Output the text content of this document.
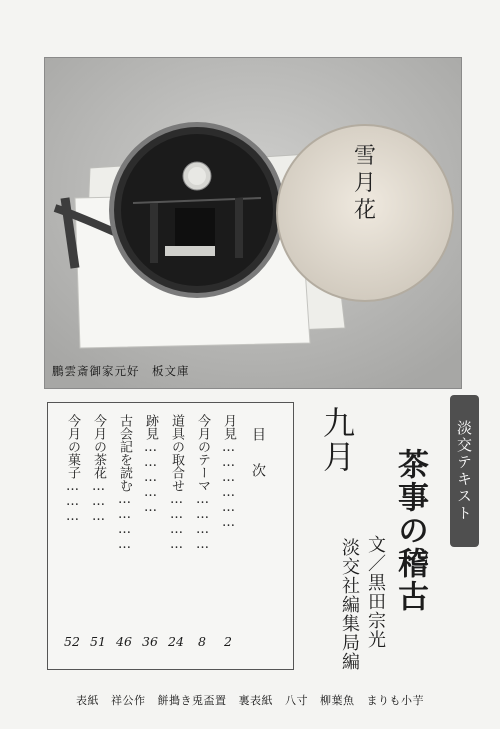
雪
月
花
鵬雲斎御家元好　板文庫
淡交テキスト
茶事の稽古
文／黒田宗光
淡交社編集局編
九月
目次
月見………………
今月のテーマ…………
道具の取合せ…………
跡見……………
古会記を読む…………
今月の茶花………
今月の菓子………
2
8
24
36
46
51
52
表紙 祥公作 餅搗き兎盃置 裏表紙 八寸 柳葉魚 まりも小芋
